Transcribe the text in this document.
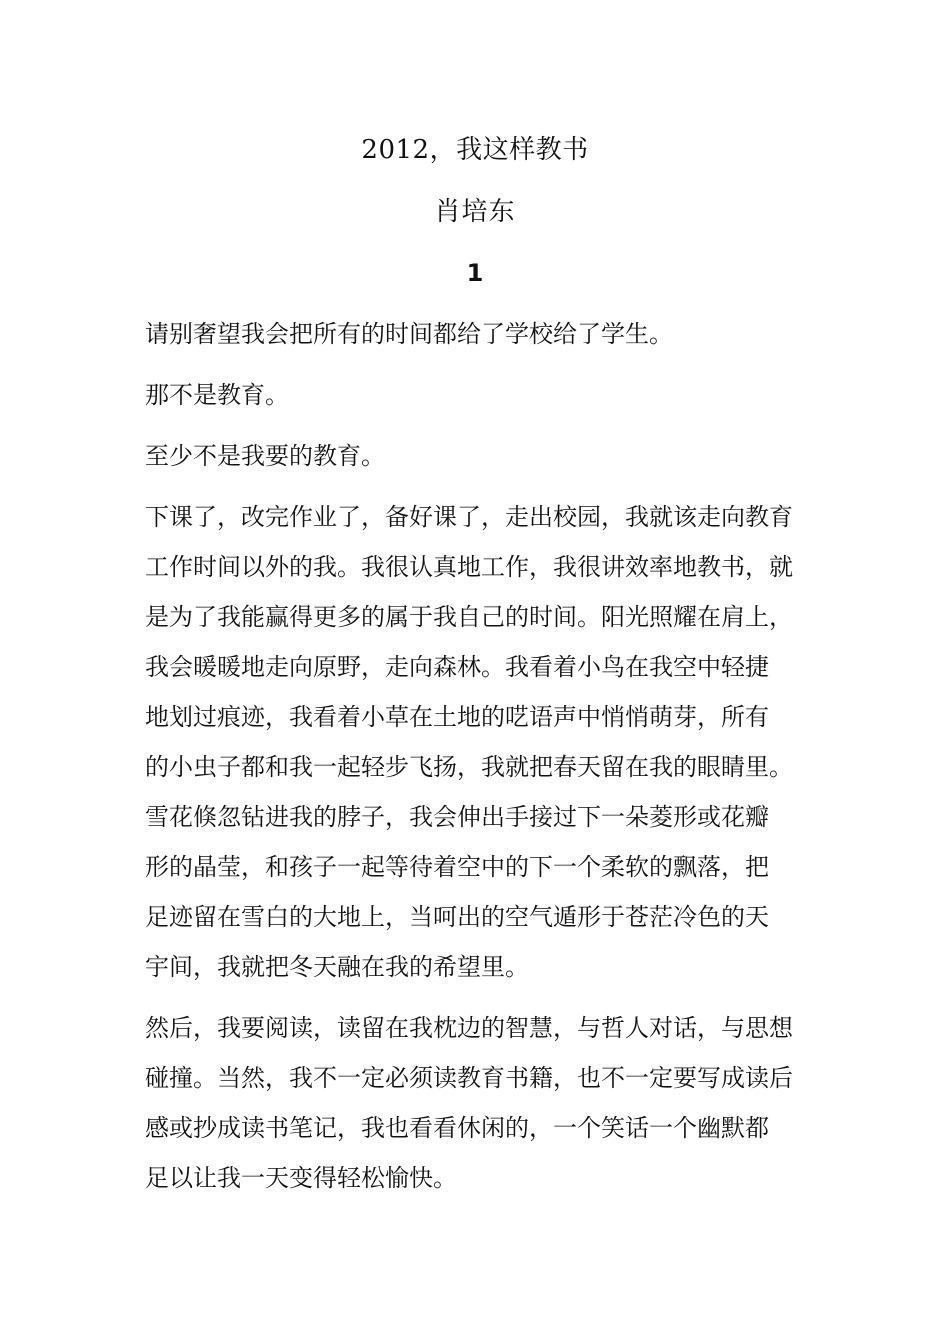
2012，我这样教书
肖培东
1
请别奢望我会把所有的时间都给了学校给了学生。
那不是教育。
至少不是我要的教育。
下课了，改完作业了，备好课了，走出校园，我就该走向教育
工作时间以外的我。我很认真地工作，我很讲效率地教书，就
是为了我能赢得更多的属于我自己的时间。阳光照耀在肩上，
我会暖暖地走向原野，走向森林。我看着小鸟在我空中轻捷
地划过痕迹，我看着小草在土地的呓语声中悄悄萌芽，所有
的小虫子都和我一起轻步飞扬，我就把春天留在我的眼睛里。
雪花倏忽钻进我的脖子，我会伸出手接过下一朵菱形或花瓣
形的晶莹，和孩子一起等待着空中的下一个柔软的飘落，把
足迹留在雪白的大地上，当呵出的空气遁形于苍茫冷色的天
宇间，我就把冬天融在我的希望里。
然后，我要阅读，读留在我枕边的智慧，与哲人对话，与思想
碰撞。当然，我不一定必须读教育书籍，也不一定要写成读后
感或抄成读书笔记，我也看看休闲的，一个笑话一个幽默都
足以让我一天变得轻松愉快。
